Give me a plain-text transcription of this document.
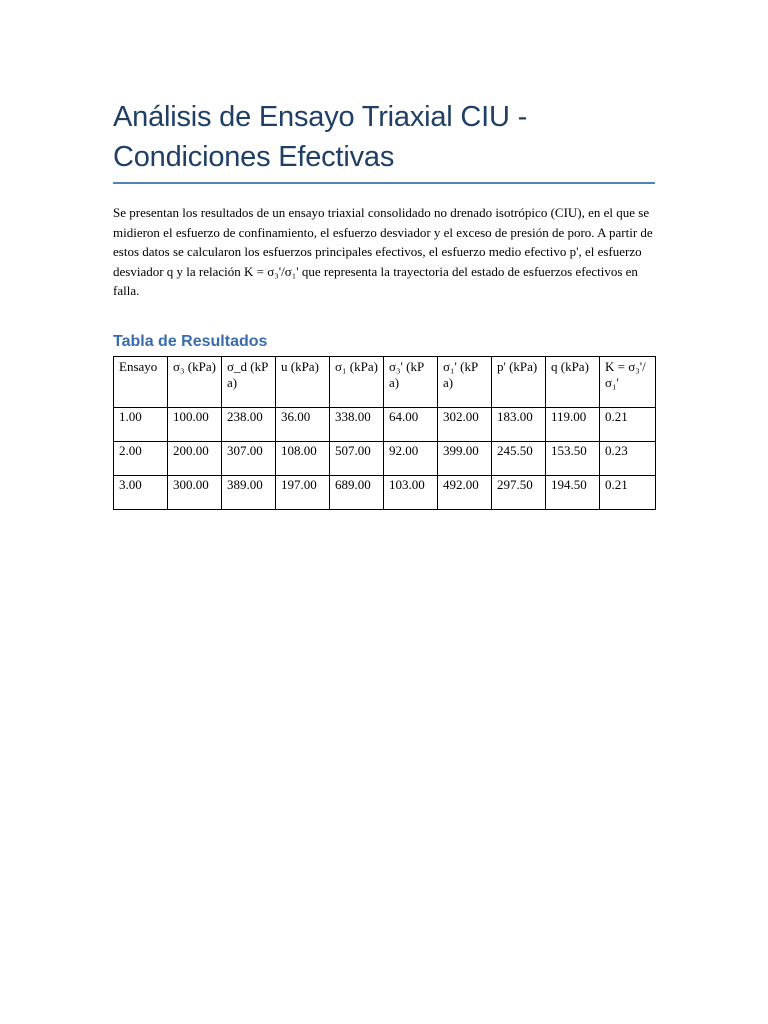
Análisis de Ensayo Triaxial CIU - Condiciones Efectivas

Se presentan los resultados de un ensayo triaxial consolidado no drenado isotrópico (CIU), en el que se midieron el esfuerzo de confinamiento, el esfuerzo desviador y el exceso de presión de poro. A partir de estos datos se calcularon los esfuerzos principales efectivos, el esfuerzo medio efectivo p', el esfuerzo desviador q y la relación K = σ₃'/σ₁' que representa la trayectoria del estado de esfuerzos efectivos en falla.

Tabla de Resultados
Ensayo	σ₃ (kPa)	σ_d (kPa)	u (kPa)	σ₁ (kPa)	σ₃' (kPa)	σ₁' (kPa)	p' (kPa)	q (kPa)	K = σ₃'/σ₁'
1.00	100.00	238.00	36.00	338.00	64.00	302.00	183.00	119.00	0.21
2.00	200.00	307.00	108.00	507.00	92.00	399.00	245.50	153.50	0.23
3.00	300.00	389.00	197.00	689.00	103.00	492.00	297.50	194.50	0.21
